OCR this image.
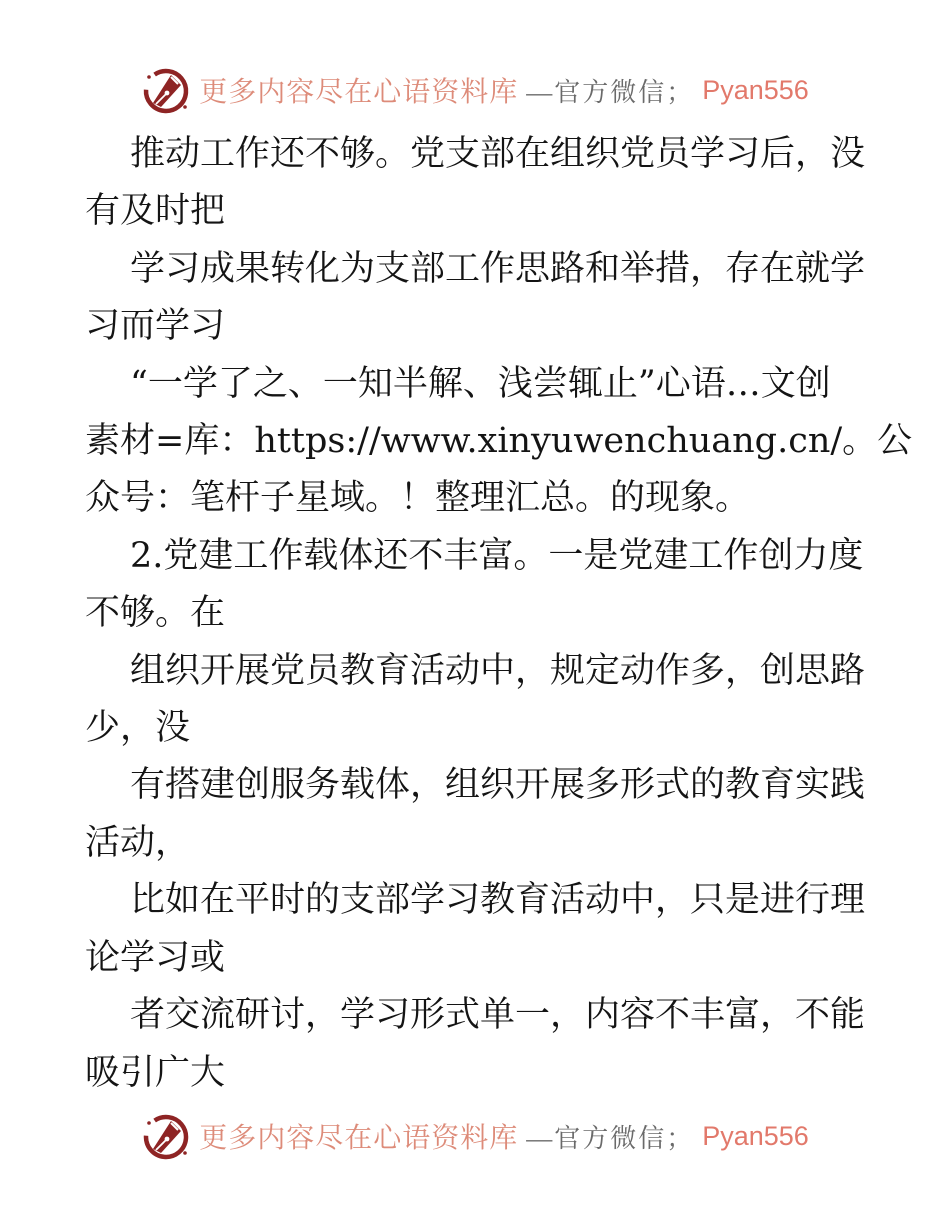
更多内容尽在心语资料库 —官方微信； Pyan556
推动工作还不够。党支部在组织党员学习后，没
有及时把
学习成果转化为支部工作思路和举措，存在就学
习而学习
“一学了之、一知半解、浅尝辄止”心语…文创
素材=库：https://www.xinyuwenchuang.cn/。公
众号：笔杆子星域。！整理汇总。的现象。
2.党建工作载体还不丰富。一是党建工作创力度
不够。在
组织开展党员教育活动中，规定动作多，创思路
少，没
有搭建创服务载体，组织开展多形式的教育实践
活动，
比如在平时的支部学习教育活动中，只是进行理
论学习或
者交流研讨，学习形式单一，内容不丰富，不能
吸引广大
更多内容尽在心语资料库 —官方微信； Pyan556
